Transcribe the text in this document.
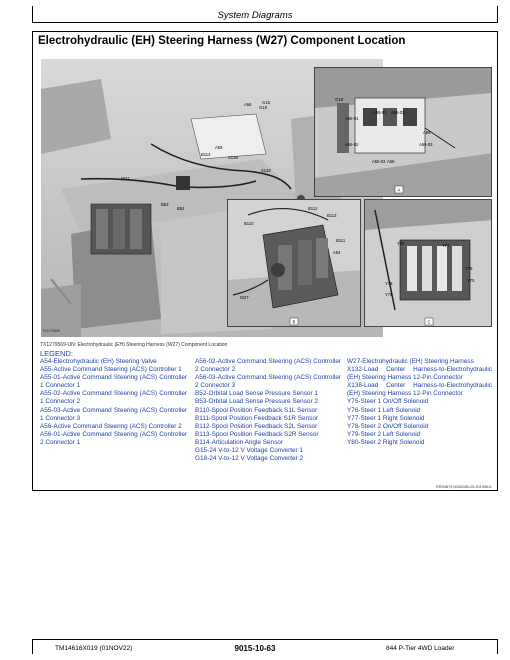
System Diagrams
Electrohydraulic (EH) Steering Harness (W27) Component Location
A56	G15
G18
A55
B114
X138
X132
W27
B53
B52
A
G18
A55-01 A55-03
A56-01
A56
A56-03
A56-02
A55-02 A55
B
B112
B110
B113
B111
A54
W27
C
Y80	Y77
Y76
Y78
Y75
Y79
TX1279569
TX1279569-UN: Electrohydraulic (EH) Steering Harness (W27) Component Location
LEGEND:
A54-Electrohydraulic (EH) Steering Valve
A55-Active Command Steering (ACS) Controller 1
A55-01-Active Command Steering (ACS) Controller 1 Connector 1
A55-02-Active Command Steering (ACS) Controller 1 Connector 2
A55-03-Active Command Steering (ACS) Controller 1 Connector 3
A56-Active Command Steering (ACS) Controller 2
A56-01-Active Command Steering (ACS) Controller 2 Connector 1
A56-02-Active Command Steering (ACS) Controller 2 Connector 2
A56-03-Active Command Steering (ACS) Controller 2 Connector 3
B52-Orbital Load Sense Pressure Sensor 1
B53-Orbital Load Sense Pressure Sensor 2
B110-Spool Position Feedback S1L Sensor
B111-Spool Position Feedback S1R Sensor
B112-Spool Position Feedback S2L Sensor
B113-Spool Position Feedback S2R Sensor
B114-Articulation Angle Sensor
G15-24 V-to-12 V Voltage Converter 1
G18-24 V-to-12 V Voltage Converter 2
W27-Electrohydraulic (EH) Steering Harness
X132-Load Center Harness-to-Electrohydraulic (EH) Steering Harness 12-Pin Connector
X138-Load Center Harness-to-Electrohydraulic (EH) Steering Harness 12-Pin Connector
Y75-Steer 1 On/Off Solenoid
Y76-Steer 1 Left Solenoid
Y77-Steer 1 Right Solenoid
Y78-Steer 2 On/Off Solenoid
Y79-Steer 2 Left Solenoid
Y80-Steer 2 Right Solenoid
ERS4879,000024B-19-20190611
TM14616X019 (01NOV22)	9015-10-63	844 P-Tier 4WD Loader
